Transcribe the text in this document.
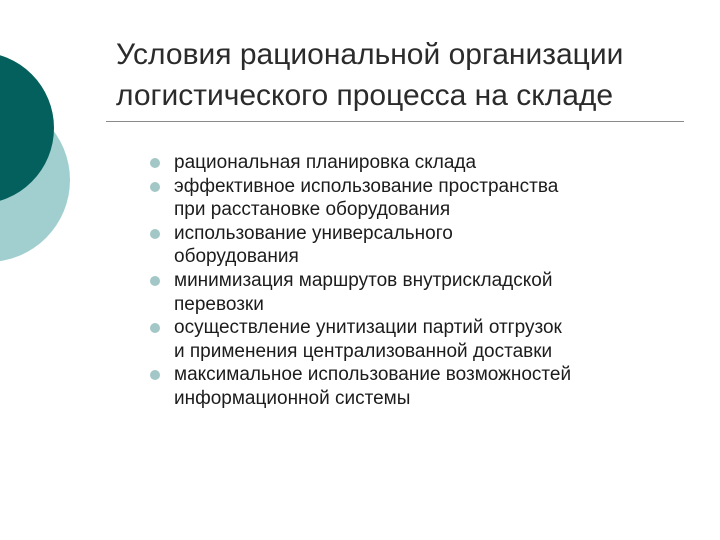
Условия рациональной организации
логистического процесса на складе
рациональная планировка склада
эффективное использование пространства
при расстановке оборудования
использование универсального
оборудования
минимизация маршрутов внутрискладской
перевозки
осуществление унитизации партий отгрузок
и применения централизованной доставки
максимальное использование возможностей
информационной системы
